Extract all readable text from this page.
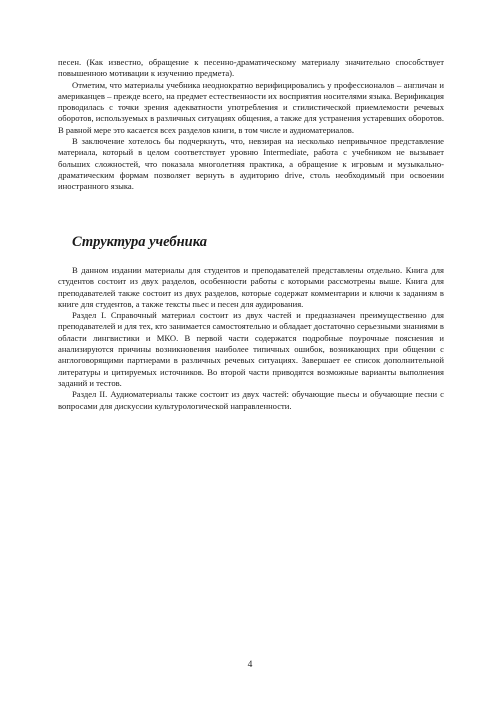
песен. (Как известно, обращение к песенно-драматическому материалу значительно способствует повышенною мотивации к изучению предмета).

Отметим, что материалы учебника неоднократно верифицировались у профессионалов – англичан и американцев – прежде всего, на предмет естественности их восприятия носителями языка. Верификация проводилась с точки зрения адекватности употребления и стилистической приемлемости речевых оборотов, используемых в различных ситуациях общения, а также для устранения устаревших оборотов. В равной мере это касается всех разделов книги, в том числе и аудиоматериалов.

В заключение хотелось бы подчеркнуть, что, невзирая на несколько непривычное представление материала, который в целом соответствует уровню Intermediate, работа с учебником не вызывает больших сложностей, что показала многолетняя практика, а обращение к игровым и музыкально-драматическим формам позволяет вернуть в аудиторию drive, столь необходимый при освоении иностранного языка.

Структура учебника

В данном издании материалы для студентов и преподавателей представлены отдельно. Книга для студентов состоит из двух разделов, особенности работы с которыми рассмотрены выше. Книга для преподавателей также состоит из двух разделов, которые содержат комментарии и ключи к заданиям в книге для студентов, а также тексты пьес и песен для аудирования.

Раздел I. Справочный материал состоит из двух частей и предназначен преимущественно для преподавателей и для тех, кто занимается самостоятельно и обладает достаточно серьезными знаниями в области лингвистики и МКО. В первой части содержатся подробные поурочные пояснения и анализируются причины возникновения наиболее типичных ошибок, возникающих при общении с англоговорящими партнерами в различных речевых ситуациях. Завершает ее список дополнительной литературы и цитируемых источников. Во второй части приводятся возможные варианты выполнения заданий и тестов.

Раздел II. Аудиоматериалы также состоит из двух частей: обучающие пьесы и обучающие песни с вопросами для дискуссии культурологической направленности.

4
